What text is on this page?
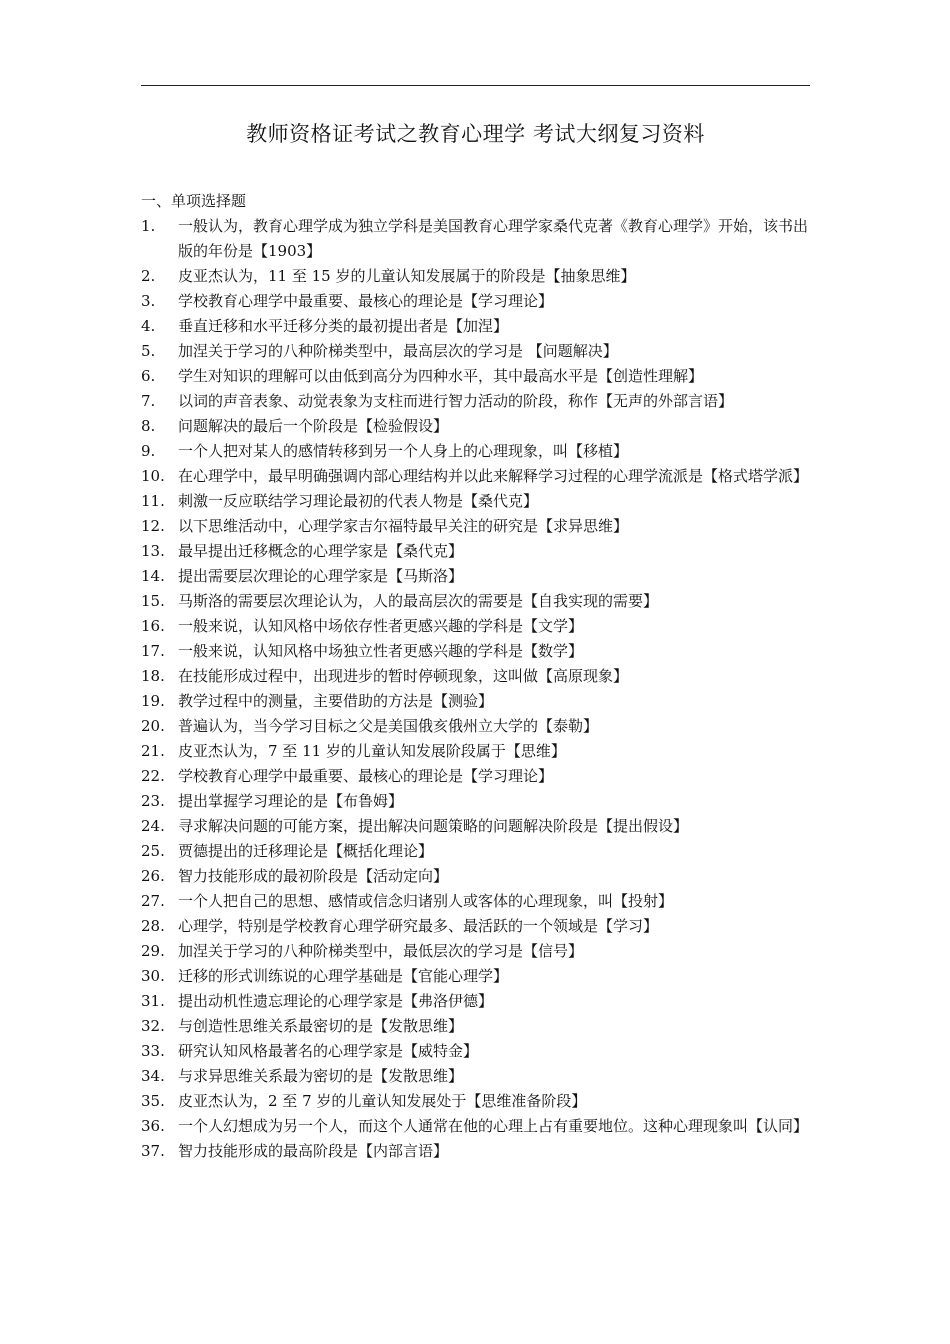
教师资格证考试之教育心理学 考试大纲复习资料
一、单项选择题
1. 一般认为，教育心理学成为独立学科是美国教育心理学家桑代克著《教育心理学》开始，该书出版的年份是【1903】
2. 皮亚杰认为，11 至 15 岁的儿童认知发展属于的阶段是【抽象思维】
3. 学校教育心理学中最重要、最核心的理论是【学习理论】
4. 垂直迁移和水平迁移分类的最初提出者是【加涅】
5. 加涅关于学习的八种阶梯类型中，最高层次的学习是 【问题解决】
6. 学生对知识的理解可以由低到高分为四种水平，其中最高水平是【创造性理解】
7. 以词的声音表象、动觉表象为支柱而进行智力活动的阶段，称作【无声的外部言语】
8. 问题解决的最后一个阶段是【检验假设】
9. 一个人把对某人的感情转移到另一个人身上的心理现象，叫【移植】
10. 在心理学中，最早明确强调内部心理结构并以此来解释学习过程的心理学流派是【格式塔学派】
11. 刺激一反应联结学习理论最初的代表人物是【桑代克】
12. 以下思维活动中，心理学家吉尔福特最早关注的研究是【求异思维】
13. 最早提出迁移概念的心理学家是【桑代克】
14. 提出需要层次理论的心理学家是【马斯洛】
15. 马斯洛的需要层次理论认为，人的最高层次的需要是【自我实现的需要】
16. 一般来说，认知风格中场依存性者更感兴趣的学科是【文学】
17. 一般来说，认知风格中场独立性者更感兴趣的学科是【数学】
18. 在技能形成过程中，出现进步的暂时停顿现象，这叫做【高原现象】
19. 教学过程中的测量，主要借助的方法是【测验】
20. 普遍认为，当今学习目标之父是美国俄亥俄州立大学的【泰勒】
21. 皮亚杰认为，7 至 11 岁的儿童认知发展阶段属于【思维】
22. 学校教育心理学中最重要、最核心的理论是【学习理论】
23. 提出掌握学习理论的是【布鲁姆】
24. 寻求解决问题的可能方案，提出解决问题策略的问题解决阶段是【提出假设】
25. 贾德提出的迁移理论是【概括化理论】
26. 智力技能形成的最初阶段是【活动定向】
27. 一个人把自己的思想、感情或信念归诸别人或客体的心理现象，叫【投射】
28. 心理学，特别是学校教育心理学研究最多、最活跃的一个领域是【学习】
29. 加涅关于学习的八种阶梯类型中，最低层次的学习是【信号】
30. 迁移的形式训练说的心理学基础是【官能心理学】
31. 提出动机性遗忘理论的心理学家是【弗洛伊德】
32. 与创造性思维关系最密切的是【发散思维】
33. 研究认知风格最著名的心理学家是【威特金】
34. 与求异思维关系最为密切的是【发散思维】
35. 皮亚杰认为，2 至 7 岁的儿童认知发展处于【思维准备阶段】
36. 一个人幻想成为另一个人，而这个人通常在他的心理上占有重要地位。这种心理现象叫【认同】
37. 智力技能形成的最高阶段是【内部言语】
